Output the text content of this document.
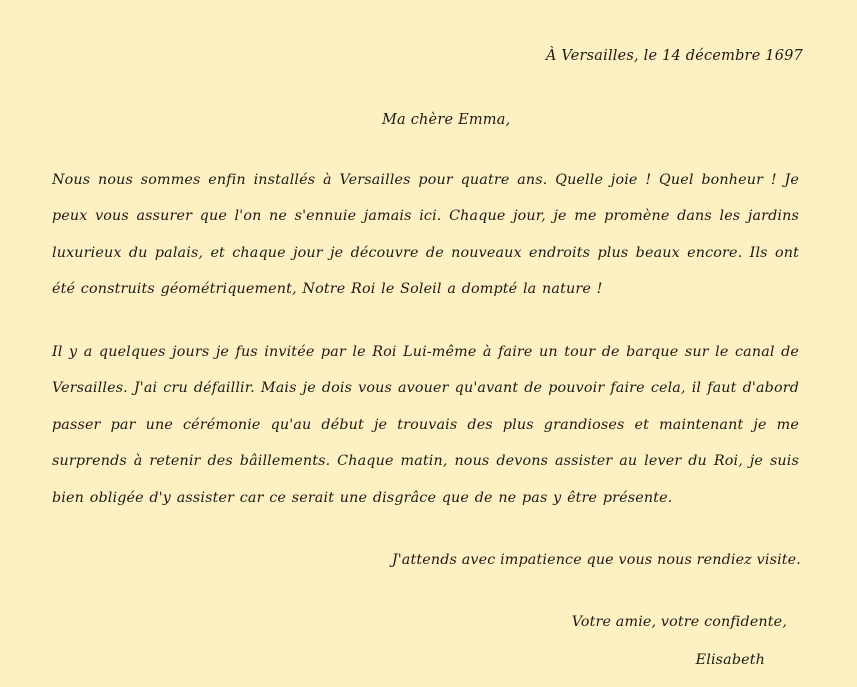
À Versailles, le 14 décembre 1697
Ma chère Emma,

Nous nous sommes enfin installés à Versailles pour quatre ans. Quelle joie ! Quel bonheur ! Je peux vous assurer que l'on ne s'ennuie jamais ici. Chaque jour, je me promène dans les jardins luxurieux du palais, et chaque jour je découvre de nouveaux endroits plus beaux encore. Ils ont été construits géométriquement, Notre Roi le Soleil a dompté la nature !

Il y a quelques jours je fus invitée par le Roi Lui-même à faire un tour de barque sur le canal de Versailles. J'ai cru défaillir. Mais je dois vous avouer qu'avant de pouvoir faire cela, il faut d'abord passer par une cérémonie qu'au début je trouvais des plus grandioses et maintenant je me surprends à retenir des bâillements. Chaque matin, nous devons assister au lever du Roi, je suis bien obligée d'y assister car ce serait une disgrâce que de ne pas y être présente.

J'attends avec impatience que vous nous rendiez visite.
Votre amie, votre confidente,
Elisabeth
